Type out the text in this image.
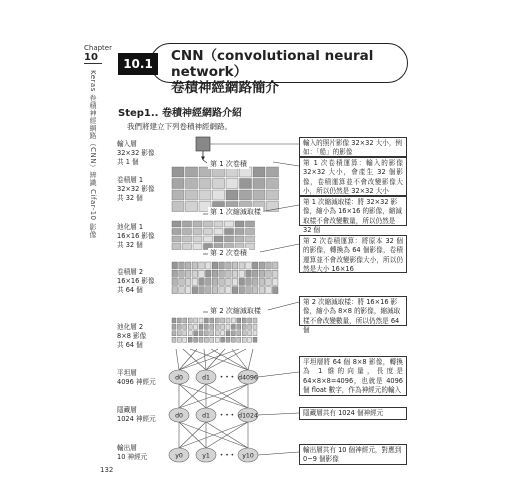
Chapter
10
Keras 卷積神經網路（CNN）辨識 Cifar-10 影像
132
CNN（convolutional neural network）
卷積神經網路簡介
10.1
Step1.. 卷積神經網路介紹
我們將建立下列卷積神經網路。
d0	d1	d4096
• • •
d0	d1	d1024
• • •
y0	y1	y10
• • •
輸入層
32×32 影像
共 1 個
卷積層 1
32×32 影像
共 32 個
池化層 1
16×16 影像
共 32 個
卷積層 2
16×16 影像
共 64 個
池化層 2
8×8 影像
共 64 個
平坦層
4096 神經元
隱藏層
1024 神經元
輸出層
10 神經元
第 1 次卷積
第 1 次縮減取樣
第 2 次卷積
第 2 次縮減取樣
輸入的照片影像 32×32 大小，例如：「船」的影像
第 1 次卷積運算：輸入的影像 32×32 大小，會產生 32 個影像，卷積運算並不會改變影像大小，所以仍然是 32×32 大小
第 1 次縮減取樣：將 32×32 影像，縮小為 16×16 的影像，縮減取樣不會改變數量，所以仍然是 32 個
第 2 次卷積運算：將原本 32 個的影像，轉換為 64 個影像，卷積運算並不會改變影像大小，所以仍然是大小 16×16
第 2 次縮減取樣：將 16×16 影像，縮小為 8×8 的影像，縮減取樣不會改變數量，所以仍然是 64 個
平坦層將 64 個 8×8 影像，轉換為 1 維的向量，長度是 64×8×8=4096，也就是 4096 個 float 數字，作為神經元的輸入
隱藏層共有 1024 個神經元
輸出層共有 10 個神經元，對應到 0~9 個影像
